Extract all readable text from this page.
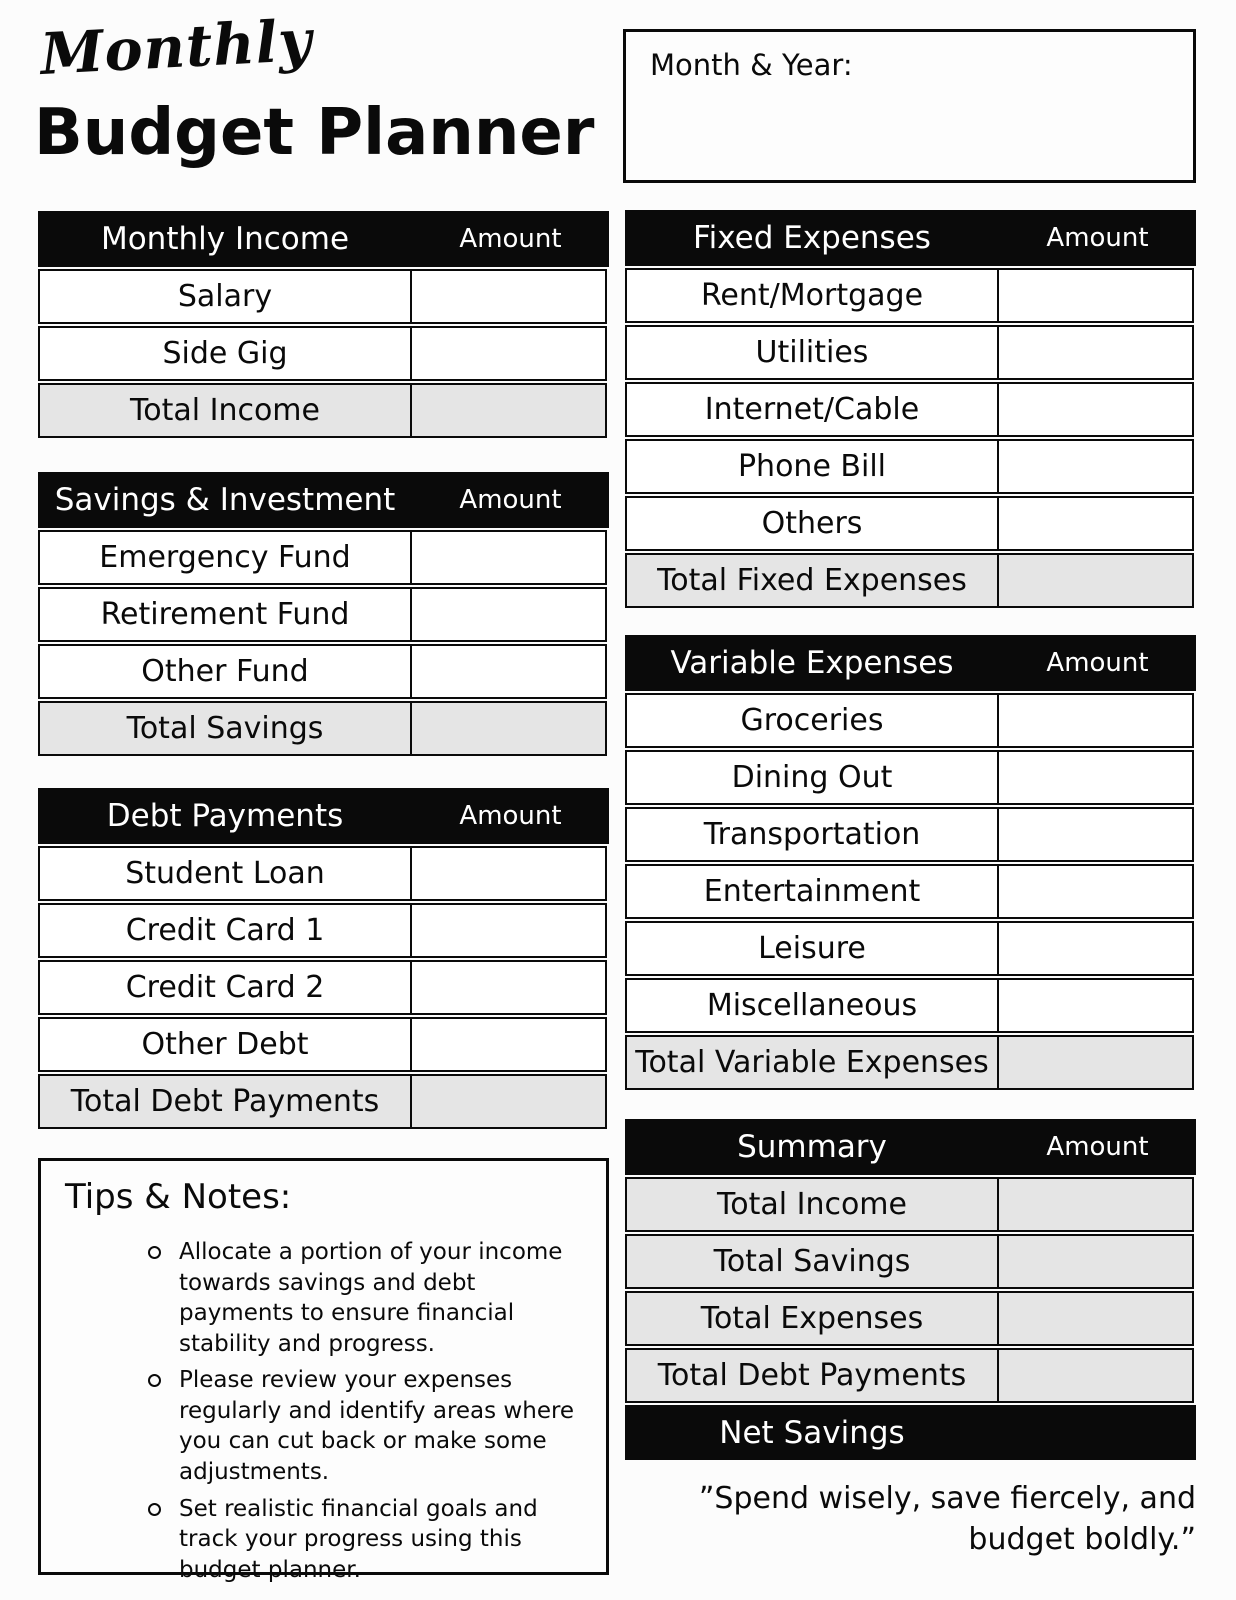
Monthly
Budget Planner
Month & Year:
Monthly Income	Amount
Salary
Side Gig
Total Income
Savings & Investment	Amount
Emergency Fund
Retirement Fund
Other Fund
Total Savings
Debt Payments	Amount
Student Loan
Credit Card 1
Credit Card 2
Other Debt
Total Debt Payments
Fixed Expenses	Amount
Rent/Mortgage
Utilities
Internet/Cable
Phone Bill
Others
Total Fixed Expenses
Variable Expenses	Amount
Groceries
Dining Out
Transportation
Entertainment
Leisure
Miscellaneous
Total Variable Expenses
Summary	Amount
Total Income
Total Savings
Total Expenses
Total Debt Payments
Net Savings
Tips & Notes:
Allocate a portion of your income towards savings and debt payments to ensure financial stability and progress.
Please review your expenses regularly and identify areas where you can cut back or make some adjustments.
Set realistic financial goals and track your progress using this budget planner.
”Spend wisely, save fiercely, and
budget boldly.”
